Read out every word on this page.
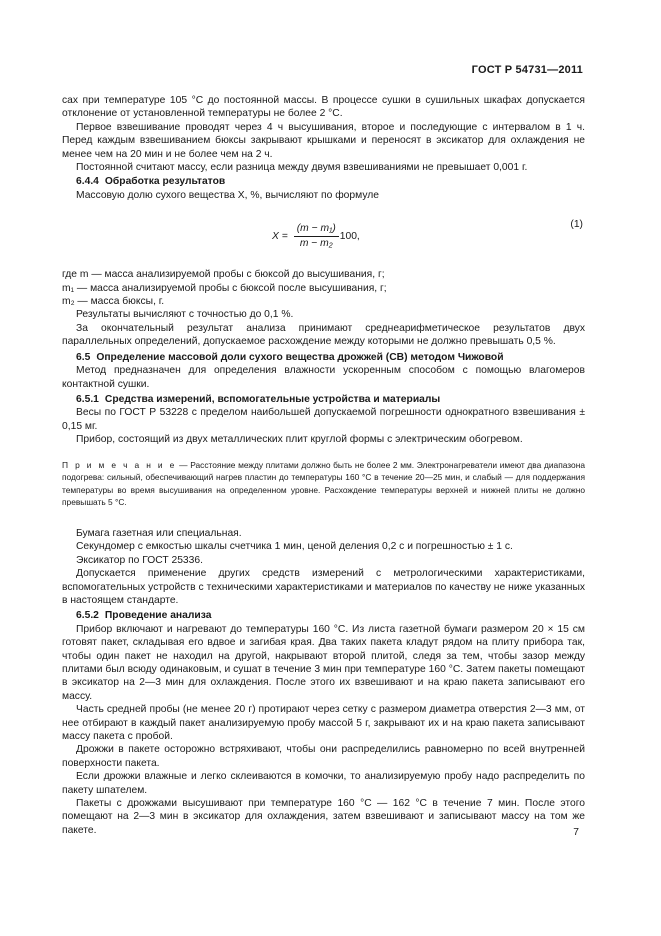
ГОСТ Р 54731—2011

сах при температуре 105 °С до постоянной массы. В процессе сушки в сушильных шкафах допускается отклонение от установленной температуры не более 2 °С.

Первое взвешивание проводят через 4 ч высушивания, второе и последующие с интервалом в 1 ч. Перед каждым взвешиванием бюксы закрывают крышками и переносят в эксикатор для охлаждения не менее чем на 20 мин и не более чем на 2 ч.

Постоянной считают массу, если разница между двумя взвешиваниями не превышает 0,001 г.

6.4.4 Обработка результатов

Массовую долю сухого вещества X, %, вычисляют по формуле

$X = \frac{\text{(m − m₁)}}{\text{m − m₂}} 100$,
(1)

где m — масса анализируемой пробы с бюксой до высушивания, г;

m₁ — масса анализируемой пробы с бюксой после высушивания, г;

m₂ — масса бюксы, г.

Результаты вычисляют с точностью до 0,1 %.

За окончательный результат анализа принимают среднеарифметическое результатов двух параллельных определений, допускаемое расхождение между которыми не должно превышать 0,5 %.

6.5 Определение массовой доли сухого вещества дрожжей (СВ) методом Чижовой

Метод предназначен для определения влажности ускоренным способом с помощью влагомеров контактной сушки.

6.5.1 Средства измерений, вспомогательные устройства и материалы

Весы по ГОСТ Р 53228 с пределом наибольшей допускаемой погрешности однократного взвешивания ± 0,15 мг.

Прибор, состоящий из двух металлических плит круглой формы с электрическим обогревом.

П р и м е ч а н и е — Расстояние между плитами должно быть не более 2 мм. Электронагреватели имеют два диапазона подогрева: сильный, обеспечивающий нагрев пластин до температуры 160 °С в течение 20—25 мин, и слабый — для поддержания температуры во время высушивания на определенном уровне. Расхождение температуры верхней и нижней плиты не должно превышать 5 °С.

Бумага газетная или специальная.

Секундомер с емкостью шкалы счетчика 1 мин, ценой деления 0,2 с и погрешностью ± 1 с.

Эксикатор по ГОСТ 25336.

Допускается применение других средств измерений с метрологическими характеристиками, вспомогательных устройств с техническими характеристиками и материалов по качеству не ниже указанных в настоящем стандарте.

6.5.2 Проведение анализа

Прибор включают и нагревают до температуры 160 °С. Из листа газетной бумаги размером 20 × 15 см готовят пакет, складывая его вдвое и загибая края. Два таких пакета кладут рядом на плиту прибора так, чтобы один пакет не находил на другой, накрывают второй плитой, следя за тем, чтобы зазор между плитами был всюду одинаковым, и сушат в течение 3 мин при температуре 160 °С. Затем пакеты помещают в эксикатор на 2—3 мин для охлаждения. После этого их взвешивают и на краю пакета записывают его массу.

Часть средней пробы (не менее 20 г) протирают через сетку с размером диаметра отверстия 2—3 мм, от нее отбирают в каждый пакет анализируемую пробу массой 5 г, закрывают их и на краю пакета записывают массу пакета с пробой.

Дрожжи в пакете осторожно встряхивают, чтобы они распределились равномерно по всей внутренней поверхности пакета.

Если дрожжи влажные и легко склеиваются в комочки, то анализируемую пробу надо распределить по пакету шпателем.

Пакеты с дрожжами высушивают при температуре 160 °С — 162 °С в течение 7 мин. После этого помещают на 2—3 мин в эксикатор для охлаждения, затем взвешивают и записывают массу на том же пакете.	7
